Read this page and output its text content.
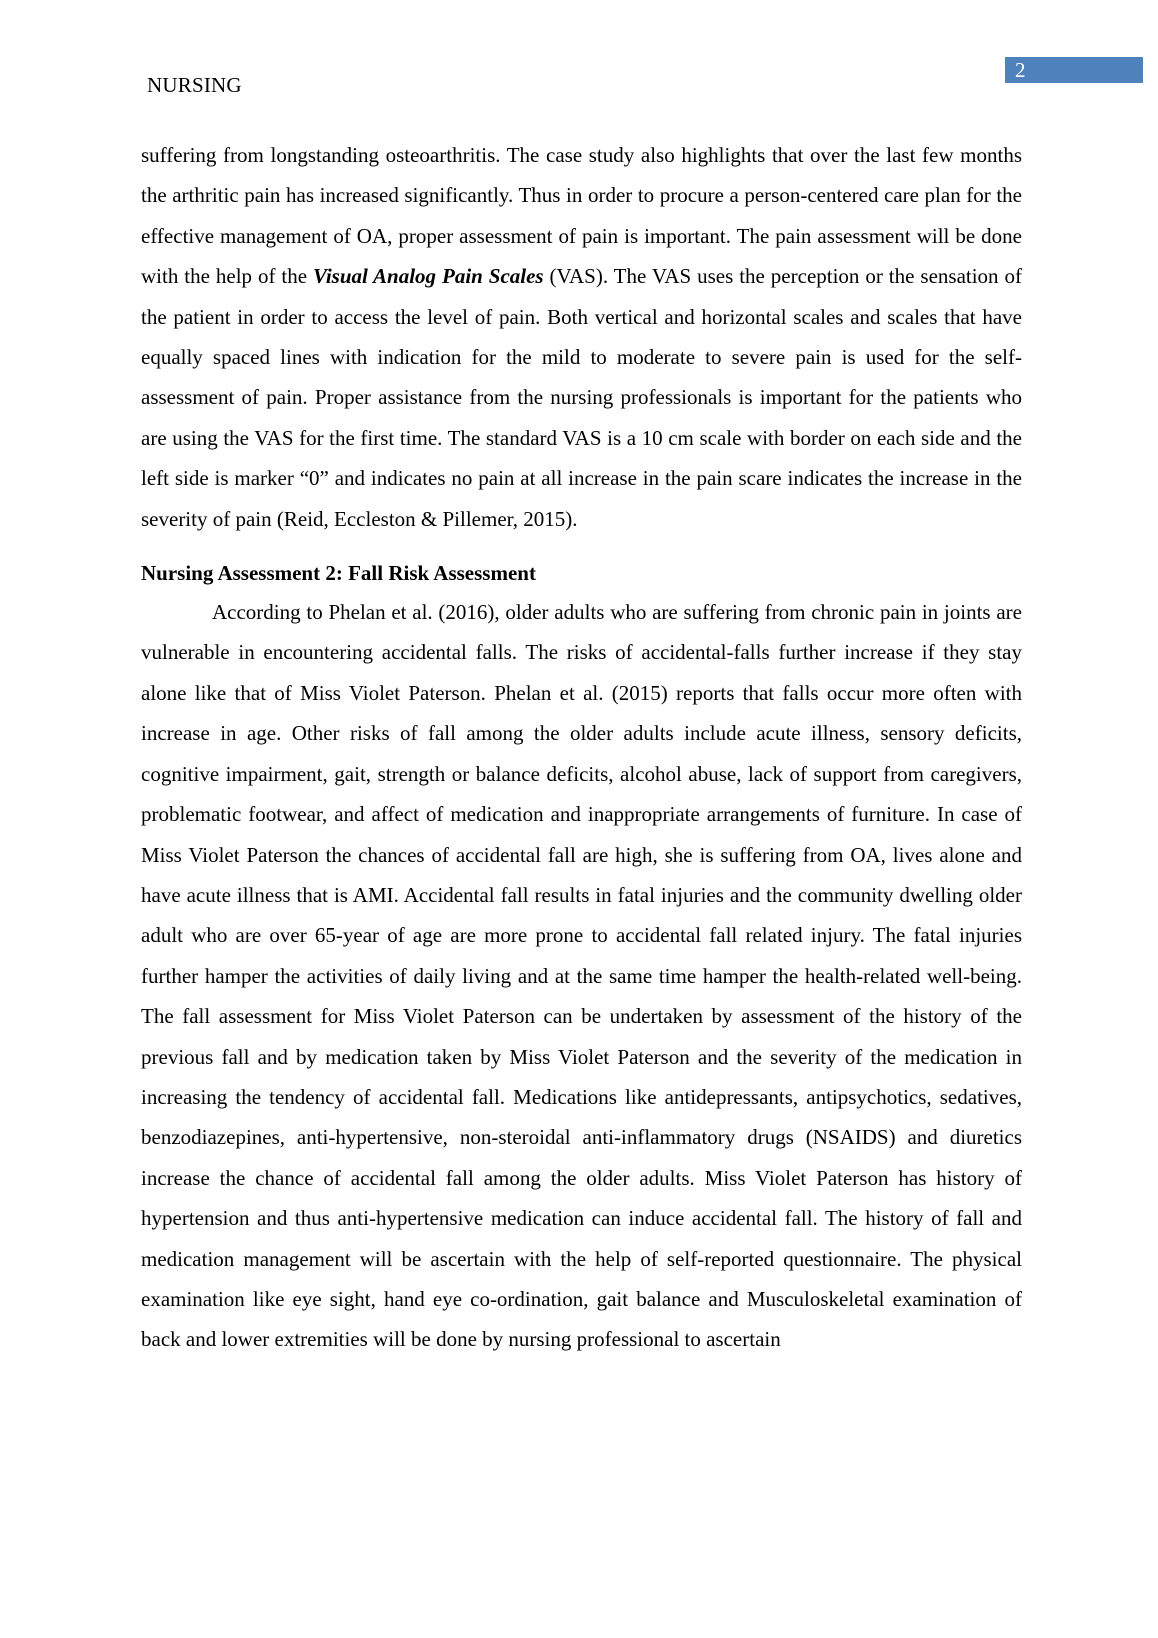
2
NURSING

suffering from longstanding osteoarthritis. The case study also highlights that over the last few months the arthritic pain has increased significantly. Thus in order to procure a person-centered care plan for the effective management of OA, proper assessment of pain is important. The pain assessment will be done with the help of the Visual Analog Pain Scales (VAS). The VAS uses the perception or the sensation of the patient in order to access the level of pain. Both vertical and horizontal scales and scales that have equally spaced lines with indication for the mild to moderate to severe pain is used for the self-assessment of pain. Proper assistance from the nursing professionals is important for the patients who are using the VAS for the first time. The standard VAS is a 10 cm scale with border on each side and the left side is marker “0” and indicates no pain at all increase in the pain scare indicates the increase in the severity of pain (Reid, Eccleston & Pillemer, 2015).

Nursing Assessment 2: Fall Risk Assessment

According to Phelan et al. (2016), older adults who are suffering from chronic pain in joints are vulnerable in encountering accidental falls. The risks of accidental-falls further increase if they stay alone like that of Miss Violet Paterson. Phelan et al. (2015) reports that falls occur more often with increase in age. Other risks of fall among the older adults include acute illness, sensory deficits, cognitive impairment, gait, strength or balance deficits, alcohol abuse, lack of support from caregivers, problematic footwear, and affect of medication and inappropriate arrangements of furniture. In case of Miss Violet Paterson the chances of accidental fall are high, she is suffering from OA, lives alone and have acute illness that is AMI. Accidental fall results in fatal injuries and the community dwelling older adult who are over 65-year of age are more prone to accidental fall related injury. The fatal injuries further hamper the activities of daily living and at the same time hamper the health-related well-being. The fall assessment for Miss Violet Paterson can be undertaken by assessment of the history of the previous fall and by medication taken by Miss Violet Paterson and the severity of the medication in increasing the tendency of accidental fall. Medications like antidepressants, antipsychotics, sedatives, benzodiazepines, anti-hypertensive, non-steroidal anti-inflammatory drugs (NSAIDS) and diuretics increase the chance of accidental fall among the older adults. Miss Violet Paterson has history of hypertension and thus anti-hypertensive medication can induce accidental fall. The history of fall and medication management will be ascertain with the help of self-reported questionnaire. The physical examination like eye sight, hand eye co-ordination, gait balance and Musculoskeletal examination of back and lower extremities will be done by nursing professional to ascertain
